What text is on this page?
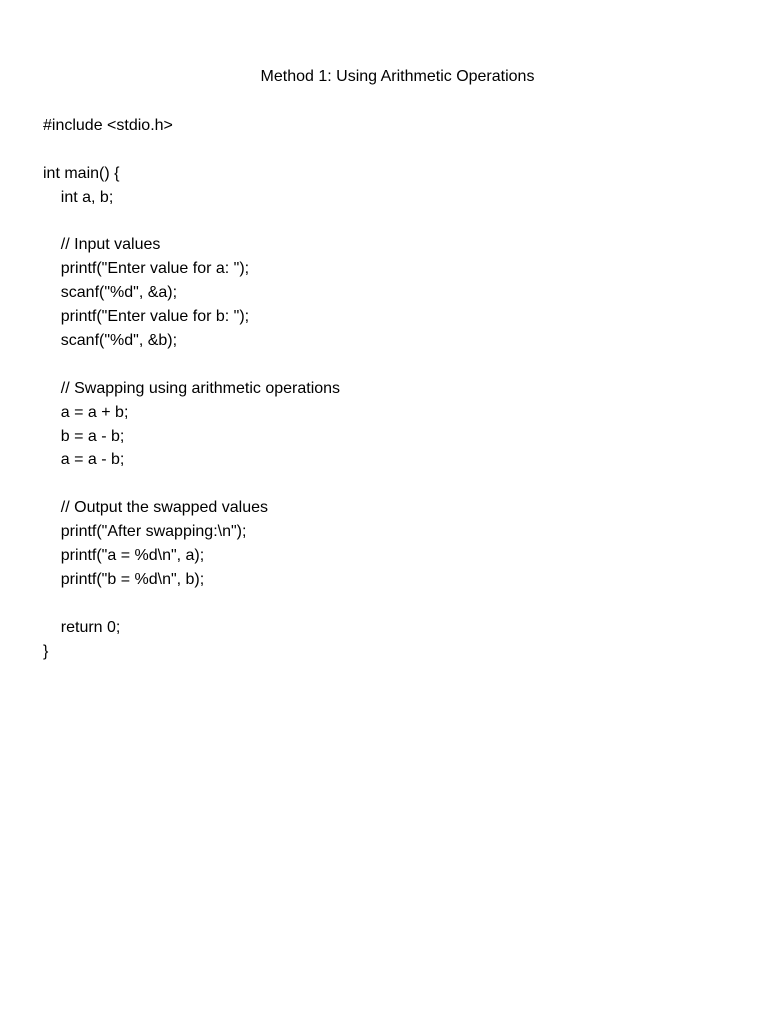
Method 1: Using Arithmetic Operations
#include <stdio.h>
int main() {
int a, b;
// Input values
printf("Enter value for a: ");
scanf("%d", &a);
printf("Enter value for b: ");
scanf("%d", &b);
// Swapping using arithmetic operations
a = a + b;
b = a - b;
a = a - b;
// Output the swapped values
printf("After swapping:\n");
printf("a = %d\n", a);
printf("b = %d\n", b);
return 0;
}
